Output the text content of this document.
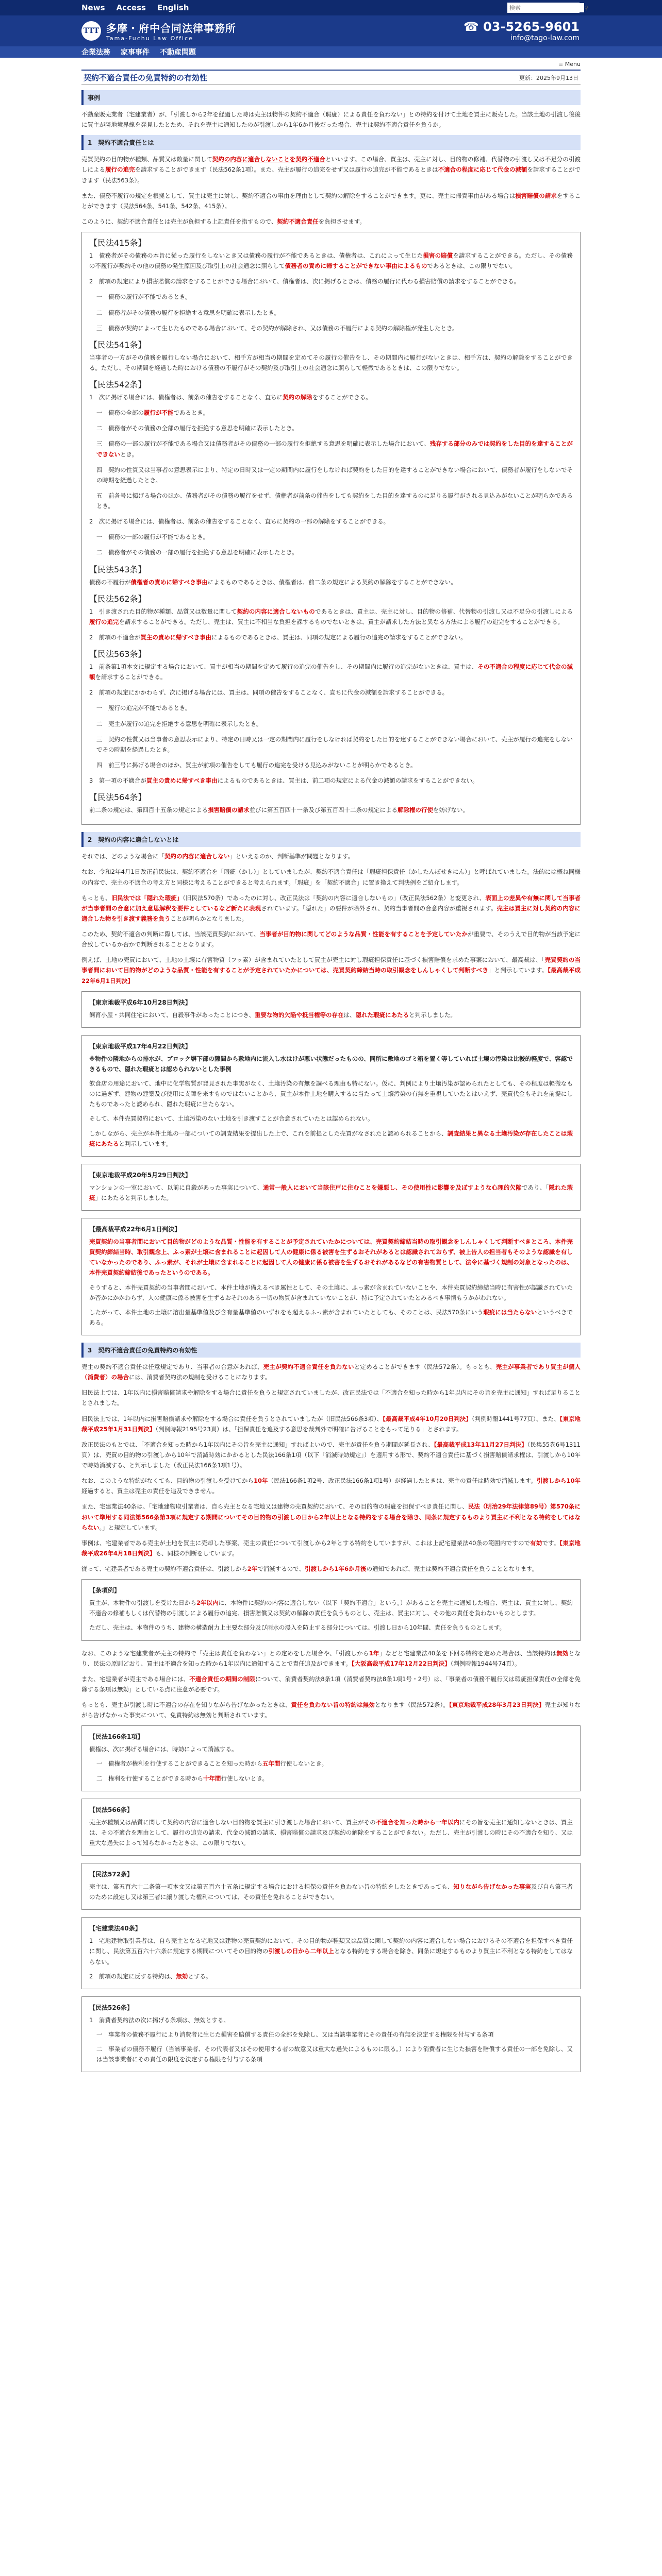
News Access English
検索	⚲
TTT 多摩・府中合同法律事務所
Tama-Fuchu Law Office
☎ 03-5265-9601
info@tago-law.com
企業法務 家事事件 不動産問題
≡ Menu
契約不適合責任の免責特約の有効性	更新：2025年9月13日
事例

不動産販売業者（宅建業者）が、「引渡しから2年を経過した時は売主は物件の契約不適合（瑕疵）による責任を負わない」との特約を付けて土地を買主に販売した。当該土地の引渡し後後に買主が隣地境界線を発見したとため、それを売主に通知したのが引渡しから1年6か月後だった場合、売主は契約不適合責任を負うか。

1　契約不適合責任とは

売買契約の目的物が種類、品質又は数量に関して契約の内容に適合しないことを契約不適合といいます。この場合、買主は、売主に対し、目的物の修補、代替物の引渡し又は不足分の引渡しによる履行の追完を請求することができます（民法562条1項）。また、売主が履行の追完をせず又は履行の追完が不能であるときは不適合の程度に応じて代金の減額を請求することができます（民法563条）。

また、債務不履行の規定を根拠として、買主は売主に対し、契約不適合の事由を理由として契約の解除をすることができます。更に、売主に帰責事由がある場合は損害賠償の請求をすることができます（民法564条、541条、542条、415条）。

このように、契約不適合責任とは売主が負担する上記責任を指すもので、契約不適合責任を負担させます。

【民法415条】

1　債務者がその債務の本旨に従った履行をしないとき又は債務の履行が不能であるときは、債権者は、これによって生じた損害の賠償を請求することができる。ただし、その債務の不履行が契約その他の債務の発生原因及び取引上の社会通念に照らして債務者の責めに帰することができない事由によるものであるときは、この限りでない。

2　前項の規定により損害賠償の請求をすることができる場合において、債権者は、次に掲げるときは、債務の履行に代わる損害賠償の請求をすることができる。

一　債務の履行が不能であるとき。

二　債務者がその債務の履行を拒絶する意思を明確に表示したとき。

三　債務が契約によって生じたものである場合において、その契約が解除され、又は債務の不履行による契約の解除権が発生したとき。

【民法541条】

当事者の一方がその債務を履行しない場合において、相手方が相当の期間を定めてその履行の催告をし、その期間内に履行がないときは、相手方は、契約の解除をすることができる。ただし、その期間を経過した時における債務の不履行がその契約及び取引上の社会通念に照らして軽微であるときは、この限りでない。

【民法542条】

1　次に掲げる場合には、債権者は、前条の催告をすることなく、直ちに契約の解除をすることができる。

一　債務の全部の履行が不能であるとき。

二　債務者がその債務の全部の履行を拒絶する意思を明確に表示したとき。

三　債務の一部の履行が不能である場合又は債務者がその債務の一部の履行を拒絶する意思を明確に表示した場合において、残存する部分のみでは契約をした目的を達することができないとき。

四　契約の性質又は当事者の意思表示により、特定の日時又は一定の期間内に履行をしなければ契約をした目的を達することができない場合において、債務者が履行をしないでその時期を経過したとき。

五　前各号に掲げる場合のほか、債務者がその債務の履行をせず、債権者が前条の催告をしても契約をした目的を達するのに足りる履行がされる見込みがないことが明らかであるとき。

2　次に掲げる場合には、債権者は、前条の催告をすることなく、直ちに契約の一部の解除をすることができる。

一　債務の一部の履行が不能であるとき。

二　債務者がその債務の一部の履行を拒絶する意思を明確に表示したとき。

【民法543条】

債務の不履行が債権者の責めに帰すべき事由によるものであるときは、債権者は、前二条の規定による契約の解除をすることができない。

【民法562条】

1　引き渡された目的物が種類、品質又は数量に関して契約の内容に適合しないものであるときは、買主は、売主に対し、目的物の修補、代替物の引渡し又は不足分の引渡しによる履行の追完を請求することができる。ただし、売主は、買主に不相当な負担を課するものでないときは、買主が請求した方法と異なる方法による履行の追完をすることができる。

2　前項の不適合が買主の責めに帰すべき事由によるものであるときは、買主は、同項の規定による履行の追完の請求をすることができない。

【民法563条】

1　前条第1項本文に規定する場合において、買主が相当の期間を定めて履行の追完の催告をし、その期間内に履行の追完がないときは、買主は、その不適合の程度に応じて代金の減額を請求することができる。

2　前項の規定にかかわらず、次に掲げる場合には、買主は、同項の催告をすることなく、直ちに代金の減額を請求することができる。

一　履行の追完が不能であるとき。

二　売主が履行の追完を拒絶する意思を明確に表示したとき。

三　契約の性質又は当事者の意思表示により、特定の日時又は一定の期間内に履行をしなければ契約をした目的を達することができない場合において、売主が履行の追完をしないでその時期を経過したとき。

四　前三号に掲げる場合のほか、買主が前項の催告をしても履行の追完を受ける見込みがないことが明らかであるとき。

3　第一項の不適合が買主の責めに帰すべき事由によるものであるときは、買主は、前二項の規定による代金の減額の請求をすることができない。

【民法564条】

前二条の規定は、第四百十五条の規定による損害賠償の請求並びに第五百四十一条及び第五百四十二条の規定による解除権の行使を妨げない。

2　契約の内容に適合しないとは

それでは、どのような場合に「契約の内容に適合しない」といえるのか、判断基準が問題となります。

なお、令和2年4月1日改正前民法は、契約不適合を「瑕疵（かし）」としていましたが、契約不適合責任は「瑕疵担保責任（かしたんぽせきにん）」と呼ばれていました。法的には概ね同様の内容で、売主の不適合の考え方と同様に考えることができると考えられます。「瑕疵」を「契約不適合」に置き換えて判決例をご紹介します。

もっとも、旧民法では「隠れた瑕疵」（旧民法570条）であったのに対し、改正民法は「契約の内容に適合しないもの」（改正民法562条）と変更され、表面上の差異や有無に関して当事者が当事者間の合意に加え意思解釈を要件としているなど新たに表現されています。「隠れた」の要件が除外され、契約当事者間の合意内容が重視されます。売主は買主に対し契約の内容に適合した物を引き渡す義務を負うことが明らかとなりました。

このため、契約不適合の判断に際しては、当該売買契約において、当事者が目的物に関してどのような品質・性能を有することを予定していたかが重要で、そのうえで目的物が当該予定に合致しているか否かで判断されることとなります。

例えば、土地の売買において、土地の土壌に有害物質（フッ素）が含まれていたとして買主が売主に対し瑕疵担保責任に基づく損害賠償を求めた事案において、最高裁は、「売買契約の当事者間において目的物がどのような品質・性能を有することが予定されていたかについては、売買契約締結当時の取引観念をしんしゃくして判断すべき」と判示しています。【最高裁平成22年6月1日判決】

【東京地裁平成6年10月28日判決】

飼育小屋・共同住宅において、自殺事件があったことにつき、重要な物的欠陥や抵当権等の存在は、隠れた瑕疵にあたると判示しました。

【東京地裁平成17年4月22日判決】

※物件の隣地からの排水が、ブロック塀下部の隙間から敷地内に流入し水はけが悪い状態だったものの、同所に敷地のゴミ箱を置く等していれば土壌の汚染は比較的軽度で、容認できるもので、隠れた瑕疵とは認められないとした事例

飲食店の用途において、地中に化学物質が発見された事実がなく、土壌汚染の有無を調べる理由も特にない。仮に、判例により土壌汚染が認められたとしても、その程度は軽微なものに過ぎず、建物の建築及び使用に支障を来すものではないことから、買主が本件土地を購入するに当たって土壌汚染の有無を重視していたとはいえず、売買代金もそれを前提にしたものであったと認められ、隠れた瑕疵に当たらない。

そして、本件売買契約において、土壌汚染のない土地を引き渡すことが合意されていたとは認められない。

しかしながら、売主が本件土地の一部についての調査結果を提出した上で、これを前提とした売買がなされたと認められることから、調査結果と異なる土壌汚染が存在したことは瑕疵にあたると判示しています。

【東京地裁平成20年5月29日判決】

マンションの一室において、以前に自殺があった事実について、通常一般人において当該住戸に住むことを嫌悪し、その使用性に影響を及ぼすような心理的欠陥であり、「隠れた瑕疵」にあたると判示しました。

【最高裁平成22年6月1日判決】

売買契約の当事者間において目的物がどのような品質・性能を有することが予定されていたかについては、売買契約締結当時の取引観念をしんしゃくして判断すべきところ、本件売買契約締結当時、取引観念上、ふっ素が土壌に含まれることに起因して人の健康に係る被害を生ずるおそれがあるとは認識されておらず、被上告人の担当者もそのような認識を有していなかったのであり、ふっ素が、それが土壌に含まれることに起因して人の健康に係る被害を生ずるおそれがあるなどの有害物質として、法令に基づく規制の対象となったのは、本件売買契約締結後であったというのである。

そうすると、本件売買契約の当事者間において、本件土地が備えるべき属性として、その土壌に、ふっ素が含まれていないことや、本件売買契約締結当時に有害性が認識されていたか否かにかかわらず、人の健康に係る被害を生ずるおそれのある一切の物質が含まれていないことが、特に予定されていたとみるべき事情もうかがわれない。

したがって、本件土地の土壌に溶出量基準値及び含有量基準値のいずれをも超えるふっ素が含まれていたとしても、そのことは、民法570条にいう瑕疵には当たらないというべきである。

3　契約不適合責任の免責特約の有効性

売主の契約不適合責任は任意規定であり、当事者の合意があれば、売主が契約不適合責任を負わないと定めることができます（民法572条）。もっとも、売主が事業者であり買主が個人（消費者）の場合には、消費者契約法の規制を受けることになります。

旧民法上では、1年以内に損害賠償請求や解除をする場合に責任を負うと規定されていましたが、改正民法では「不適合を知った時から1年以内にその旨を売主に通知」すれば足りることとされました。

旧民法上では、1年以内に損害賠償請求や解除をする場合に責任を負うとされていましたが（旧民法566条3項）、【最高裁平成4年10月20日判決】（判例時報1441号77頁）、また、【東京地裁平成25年1月31日判決】（判例時報2195号23頁）は、「担保責任を追及する意思を裁判外で明確に告げることをもって足りる」とされます。

改正民法のもとでは、「不適合を知った時から1年以内にその旨を売主に通知」すればよいので、売主が責任を負う期間が延長され、【最高裁平成13年11月27日判決】（民集55巻6号1311頁）は、売買の目的物の引渡しから10年で消滅時効にかかるとした民法166条1項（以下「消滅時効規定」）を適用する形で、契約不適合責任に基づく損害賠償請求権は、引渡しから10年で時効消滅する、と判示しました（改正民法166条1項1号）。

なお、このような特約がなくても、目的物の引渡しを受けてから10年（民法166条1項2号、改正民法166条1項1号）が経過したときは、売主の責任は時効で消滅します。引渡しから10年経過すると、買主は売主の責任を追及できません。

また、宅建業法40条は、「宅地建物取引業者は、自ら売主となる宅地又は建物の売買契約において、その目的物の瑕疵を担保すべき責任に関し、民法（明治29年法律第89号）第570条において準用する同法第566条第3項に規定する期間についてその目的物の引渡しの日から2年以上となる特約をする場合を除き、同条に規定するものより買主に不利となる特約をしてはならない。」と規定しています。

事例は、宅建業者である売主が土地を買主に売却した事案、売主の責任について引渡しから2年とする特約をしていますが、これは上記宅建業法40条の範囲内ですので有効です。【東京地裁平成26年4月18日判決】も、同様の判断をしています。

従って、宅建業者である売主の契約不適合責任は、引渡しから2年で消滅するので、引渡しから1年6か月後の通知であれば、売主は契約不適合責任を負うこととなります。

【条項例】

買主が、本物件の引渡しを受けた日から2年以内に、本物件に契約の内容に適合しない（以下「契約不適合」という。）があることを売主に通知した場合、売主は、買主に対し、契約不適合の修補もしくは代替物の引渡しによる履行の追完、損害賠償又は契約の解除の責任を負うものとし、売主は、買主に対し、その他の責任を負わないものとします。

ただし、売主は、本物件のうち、建物の構造耐力上主要な部分及び雨水の浸入を防止する部分については、引渡し日から10年間、責任を負うものとします。

なお、このような宅建業者が売主の特約で「売主は責任を負わない」との定めをした場合や、「引渡しから1年」などと宅建業法40条を下回る特約を定めた場合は、当該特約は無効となり、民法の原則どおり、買主は不適合を知った時から1年以内に通知することで責任追及ができます。【大阪高裁平成17年12月22日判決】（判例時報1944号74頁）。

また、宅建業者が売主である場合には、不適合責任の期間の制限について、消費者契約法8条1項（消費者契約法8条1項1号・2号）は、「事業者の債務不履行又は瑕疵担保責任の全部を免除する条項は無効」としている点に注意が必要です。

もっとも、売主が引渡し時に不適合の存在を知りながら告げなかったときは、責任を負わない旨の特約は無効となります（民法572条）。【東京地裁平成28年3月23日判決】売主が知りながら告げなかった事実について、免責特約は無効と判断されています。

【民法166条1項】

債権は、次に掲げる場合には、時効によって消滅する。

一　債権者が権利を行使することができることを知った時から五年間行使しないとき。

二　権利を行使することができる時から十年間行使しないとき。

【民法566条】

売主が種類又は品質に関して契約の内容に適合しない目的物を買主に引き渡した場合において、買主がその不適合を知った時から一年以内にその旨を売主に通知しないときは、買主は、その不適合を理由として、履行の追完の請求、代金の減額の請求、損害賠償の請求及び契約の解除をすることができない。ただし、売主が引渡しの時にその不適合を知り、又は重大な過失によって知らなかったときは、この限りでない。

【民法572条】

売主は、第五百六十二条第一項本文又は第五百六十五条に規定する場合における担保の責任を負わない旨の特約をしたときであっても、知りながら告げなかった事実及び自ら第三者のために設定し又は第三者に譲り渡した権利については、その責任を免れることができない。

【宅建業法40条】

1　宅地建物取引業者は、自ら売主となる宅地又は建物の売買契約において、その目的物が種類又は品質に関して契約の内容に適合しない場合におけるその不適合を担保すべき責任に関し、民法第五百六十六条に規定する期間についてその目的物の引渡しの日から二年以上となる特約をする場合を除き、同条に規定するものより買主に不利となる特約をしてはならない。

2　前項の規定に反する特約は、無効とする。

【民法526条】

1　消費者契約法の次に掲げる条項は、無効とする。

一　事業者の債務不履行により消費者に生じた損害を賠償する責任の全部を免除し、又は当該事業者にその責任の有無を決定する権限を付与する条項

二　事業者の債務不履行（当該事業者、その代表者又はその使用する者の故意又は重大な過失によるものに限る。）により消費者に生じた損害を賠償する責任の一部を免除し、又は当該事業者にその責任の限度を決定する権限を付与する条項
